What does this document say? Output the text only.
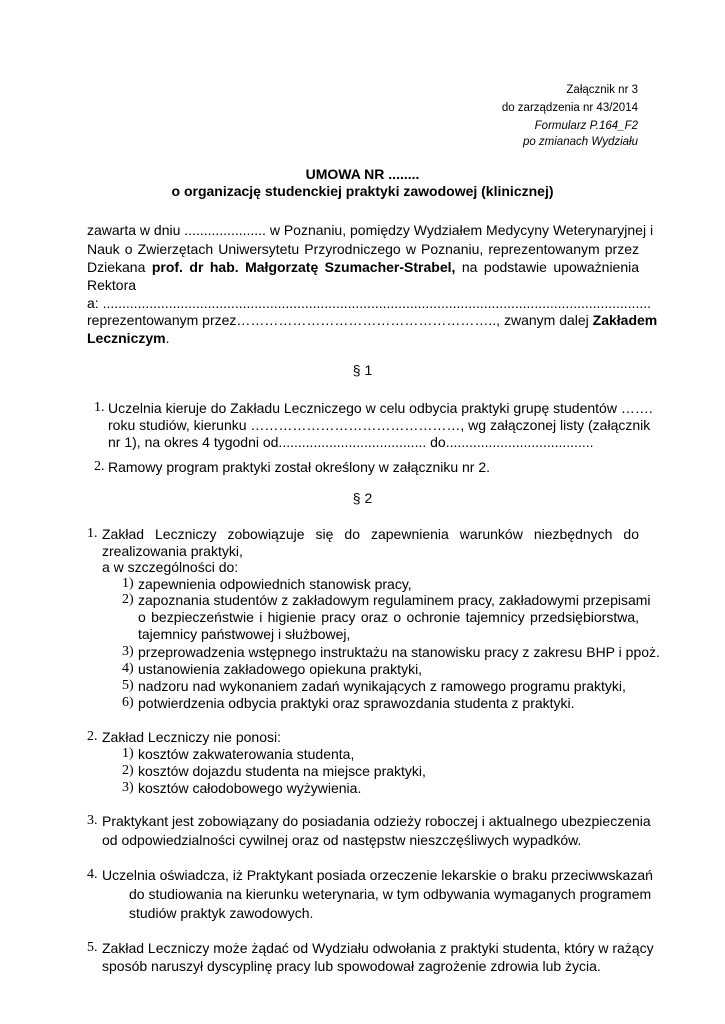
Załącznik nr 3
do zarządzenia nr 43/2014
Formularz P.164_F2
po zmianach Wydziału
UMOWA NR ........
o organizację studenckiej praktyki zawodowej (klinicznej)
zawarta w dniu ..................... w Poznaniu, pomiędzy Wydziałem Medycyny Weterynaryjnej i
Nauk o Zwierzętach Uniwersytetu Przyrodniczego w Poznaniu, reprezentowanym przez
Dziekana prof. dr hab. Małgorzatę Szumacher-Strabel, na podstawie upoważnienia
Rektora
a: .............................................................................................................................................
reprezentowanym przez……………………………………………….., zwanym dalej Zakładem
Leczniczym.
§ 1
1. Uczelnia kieruje do Zakładu Leczniczego w celu odbycia praktyki grupę studentów …….
roku studiów, kierunku ………………………………………, wg załączonej listy (załącznik
nr 1), na okres 4 tygodni od...................................... do......................................
2. Ramowy program praktyki został określony w załączniku nr 2.
§ 2
1. Zakład Leczniczy zobowiązuje się do zapewnienia warunków niezbędnych do
zrealizowania praktyki,
a w szczególności do:
1) zapewnienia odpowiednich stanowisk pracy,
2) zapoznania studentów z zakładowym regulaminem pracy, zakładowymi przepisami
o bezpieczeństwie i higienie pracy oraz o ochronie tajemnicy przedsiębiorstwa,
tajemnicy państwowej i służbowej,
3) przeprowadzenia wstępnego instruktażu na stanowisku pracy z zakresu BHP i ppoż.
4) ustanowienia zakładowego opiekuna praktyki,
5) nadzoru nad wykonaniem zadań wynikających z ramowego programu praktyki,
6) potwierdzenia odbycia praktyki oraz sprawozdania studenta z praktyki.
2. Zakład Leczniczy nie ponosi:
1) kosztów zakwaterowania studenta,
2) kosztów dojazdu studenta na miejsce praktyki,
3) kosztów całodobowego wyżywienia.
3. Praktykant jest zobowiązany do posiadania odzieży roboczej i aktualnego ubezpieczenia
od odpowiedzialności cywilnej oraz od następstw nieszczęśliwych wypadków.
4. Uczelnia oświadcza, iż Praktykant posiada orzeczenie lekarskie o braku przeciwwskazań
do studiowania na kierunku weterynaria, w tym odbywania wymaganych programem
studiów praktyk zawodowych.
5. Zakład Leczniczy może żądać od Wydziału odwołania z praktyki studenta, który w rażący
sposób naruszył dyscyplinę pracy lub spowodował zagrożenie zdrowia lub życia.
